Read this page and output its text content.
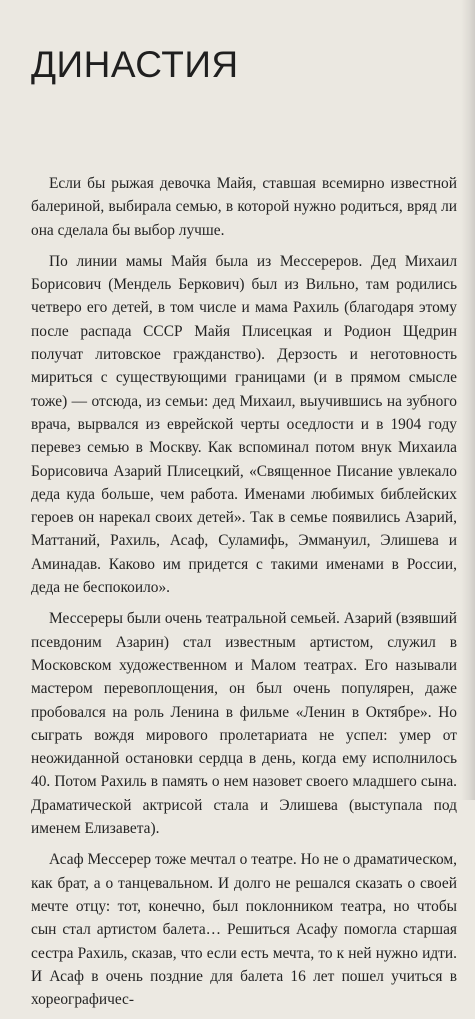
ДИНАСТИЯ

Если бы рыжая девочка Майя, ставшая всемирно известной балериной, выбирала семью, в которой нужно родиться, вряд ли она сделала бы выбор лучше.

По линии мамы Майя была из Мессереров. Дед Михаил Борисович (Мендель Беркович) был из Вильно, там родились четверо его детей, в том числе и мама Рахиль (благодаря этому после распада СССР Майя Плисецкая и Родион Щедрин получат литовское гражданство). Дерзость и неготовность мириться с существующими границами (и в прямом смысле тоже) — отсюда, из семьи: дед Михаил, выучившись на зубного врача, вырвался из еврейской черты оседлости и в 1904 году перевез семью в Москву. Как вспоминал потом внук Михаила Борисовича Азарий Плисецкий, «Священное Писание увлекало деда куда больше, чем работа. Именами любимых библейских героев он нарекал своих детей». Так в семье появились Азарий, Маттаний, Рахиль, Асаф, Суламифь, Эммануил, Элишева и Аминадав. Каково им придется с такими именами в России, деда не беспокоило».

Мессереры были очень театральной семьей. Азарий (взявший псевдоним Азарин) стал известным артистом, служил в Московском художественном и Малом театрах. Его называли мастером перевоплощения, он был очень популярен, даже пробовался на роль Ленина в фильме «Ленин в Октябре». Но сыграть вождя мирового пролетариата не успел: умер от неожиданной остановки сердца в день, когда ему исполнилось 40. Потом Рахиль в память о нем назовет своего младшего сына. Драматической актрисой стала и Элишева (выступала под именем Елизавета).

Асаф Мессерер тоже мечтал о театре. Но не о драматическом, как брат, а о танцевальном. И долго не решался сказать о своей мечте отцу: тот, конечно, был поклонником театра, но чтобы сын стал артистом балета… Решиться Асафу помогла старшая сестра Рахиль, сказав, что если есть мечта, то к ней нужно идти. И Асаф в очень поздние для балета 16 лет пошел учиться в хореографичес-
